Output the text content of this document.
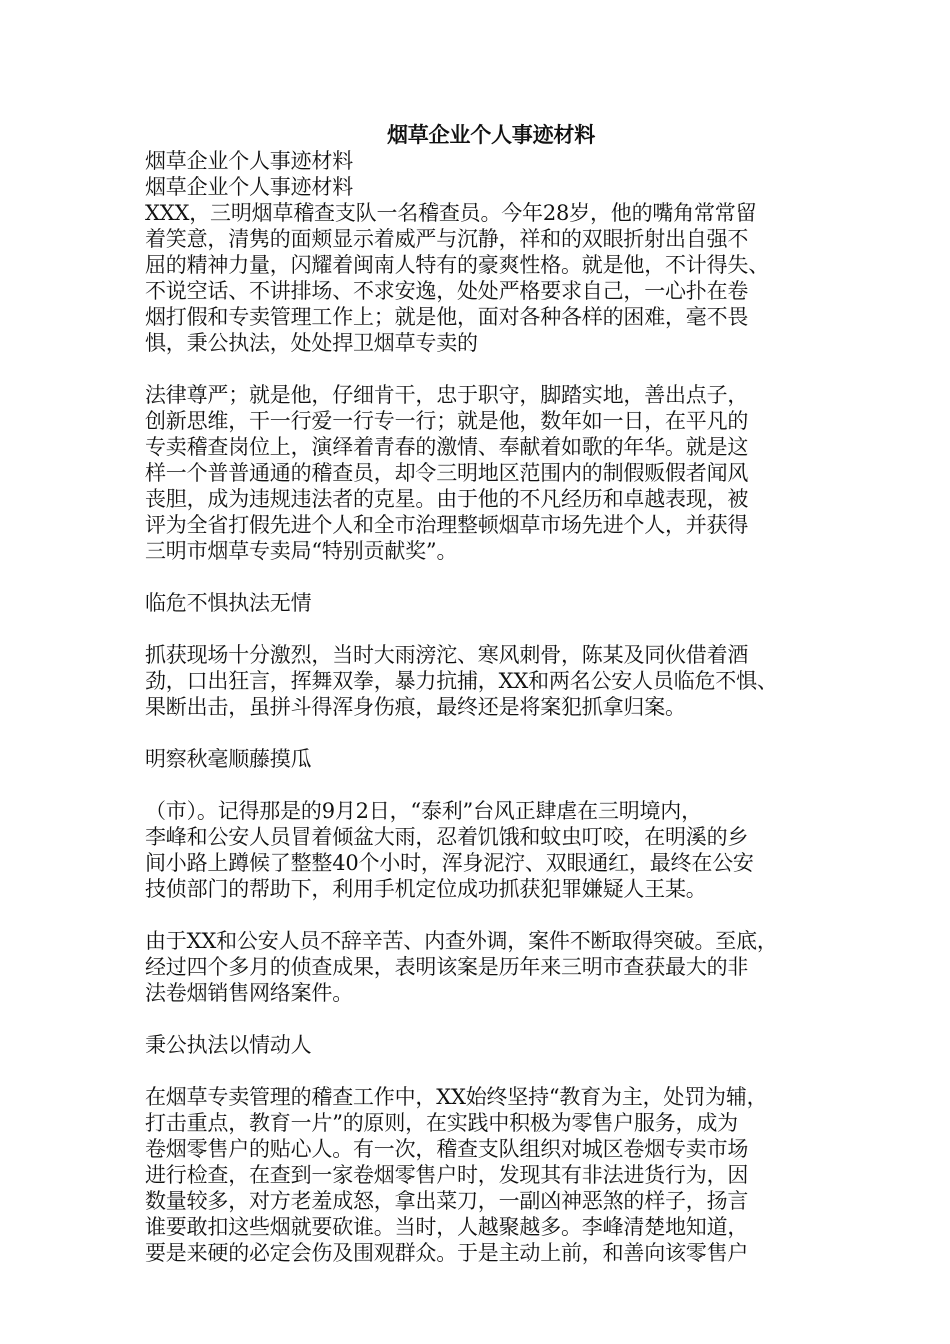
烟草企业个人事迹材料

烟草企业个人事迹材料

烟草企业个人事迹材料

XXX，三明烟草稽查支队一名稽查员。今年28岁，他的嘴角常常留

着笑意，清隽的面颊显示着威严与沉静，祥和的双眼折射出自强不

屈的精神力量，闪耀着闽南人特有的豪爽性格。就是他，不计得失、

不说空话、不讲排场、不求安逸，处处严格要求自己，一心扑在卷

烟打假和专卖管理工作上；就是他，面对各种各样的困难，毫不畏

惧，秉公执法，处处捍卫烟草专卖的

法律尊严；就是他，仔细肯干，忠于职守，脚踏实地，善出点子，

创新思维，干一行爱一行专一行；就是他，数年如一日，在平凡的

专卖稽查岗位上，演绎着青春的激情、奉献着如歌的年华。就是这

样一个普普通通的稽查员，却令三明地区范围内的制假贩假者闻风

丧胆，成为违规违法者的克星。由于他的不凡经历和卓越表现，被

评为全省打假先进个人和全市治理整顿烟草市场先进个人，并获得

三明市烟草专卖局“特别贡献奖”。

临危不惧执法无情

抓获现场十分激烈，当时大雨滂沱、寒风刺骨，陈某及同伙借着酒

劲，口出狂言，挥舞双拳，暴力抗捕，XX和两名公安人员临危不惧、

果断出击，虽拼斗得浑身伤痕，最终还是将案犯抓拿归案。

明察秋毫顺藤摸瓜

（市）。记得那是的9月2日，“泰利”台风正肆虐在三明境内，

李峰和公安人员冒着倾盆大雨，忍着饥饿和蚊虫叮咬，在明溪的乡

间小路上蹲候了整整40个小时，浑身泥泞、双眼通红，最终在公安

技侦部门的帮助下，利用手机定位成功抓获犯罪嫌疑人王某。

由于XX和公安人员不辞辛苦、内查外调，案件不断取得突破。至底，

经过四个多月的侦查成果，表明该案是历年来三明市查获最大的非

法卷烟销售网络案件。

秉公执法以情动人

在烟草专卖管理的稽查工作中，XX始终坚持“教育为主，处罚为辅，

打击重点，教育一片”的原则，在实践中积极为零售户服务，成为

卷烟零售户的贴心人。有一次，稽查支队组织对城区卷烟专卖市场

进行检查，在查到一家卷烟零售户时，发现其有非法进货行为，因

数量较多，对方老羞成怒，拿出菜刀，一副凶神恶煞的样子，扬言

谁要敢扣这些烟就要砍谁。当时，人越聚越多。李峰清楚地知道，

要是来硬的必定会伤及围观群众。于是主动上前，和善向该零售户
